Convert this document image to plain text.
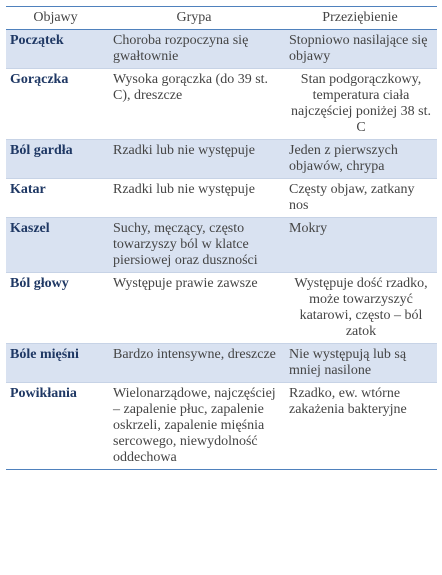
Objawy	Grypa	Przeziębienie
Początek	Choroba rozpoczyna się gwałtownie	Stopniowo nasilające się objawy
Gorączka	Wysoka gorączka (do 39 st. C), dreszcze	Stan podgorączkowy, temperatura ciała najczęściej poniżej 38 st. C
Ból gardła	Rzadki lub nie występuje	Jeden z pierwszych objawów, chrypa
Katar	Rzadki lub nie występuje	Częsty objaw, zatkany nos
Kaszel	Suchy, męczący, często towarzyszy ból w klatce piersiowej oraz duszności	Mokry
Ból głowy	Występuje prawie zawsze	Występuje dość rzadko, może towarzyszyć katarowi, często – ból zatok
Bóle mięśni	Bardzo intensywne, dreszcze	Nie występują lub są mniej nasilone
Powikłania	Wielonarządowe, najczęściej – zapalenie płuc, zapalenie oskrzeli, zapalenie mięśnia sercowego, niewydolność oddechowa	Rzadko, ew. wtórne zakażenia bakteryjne
